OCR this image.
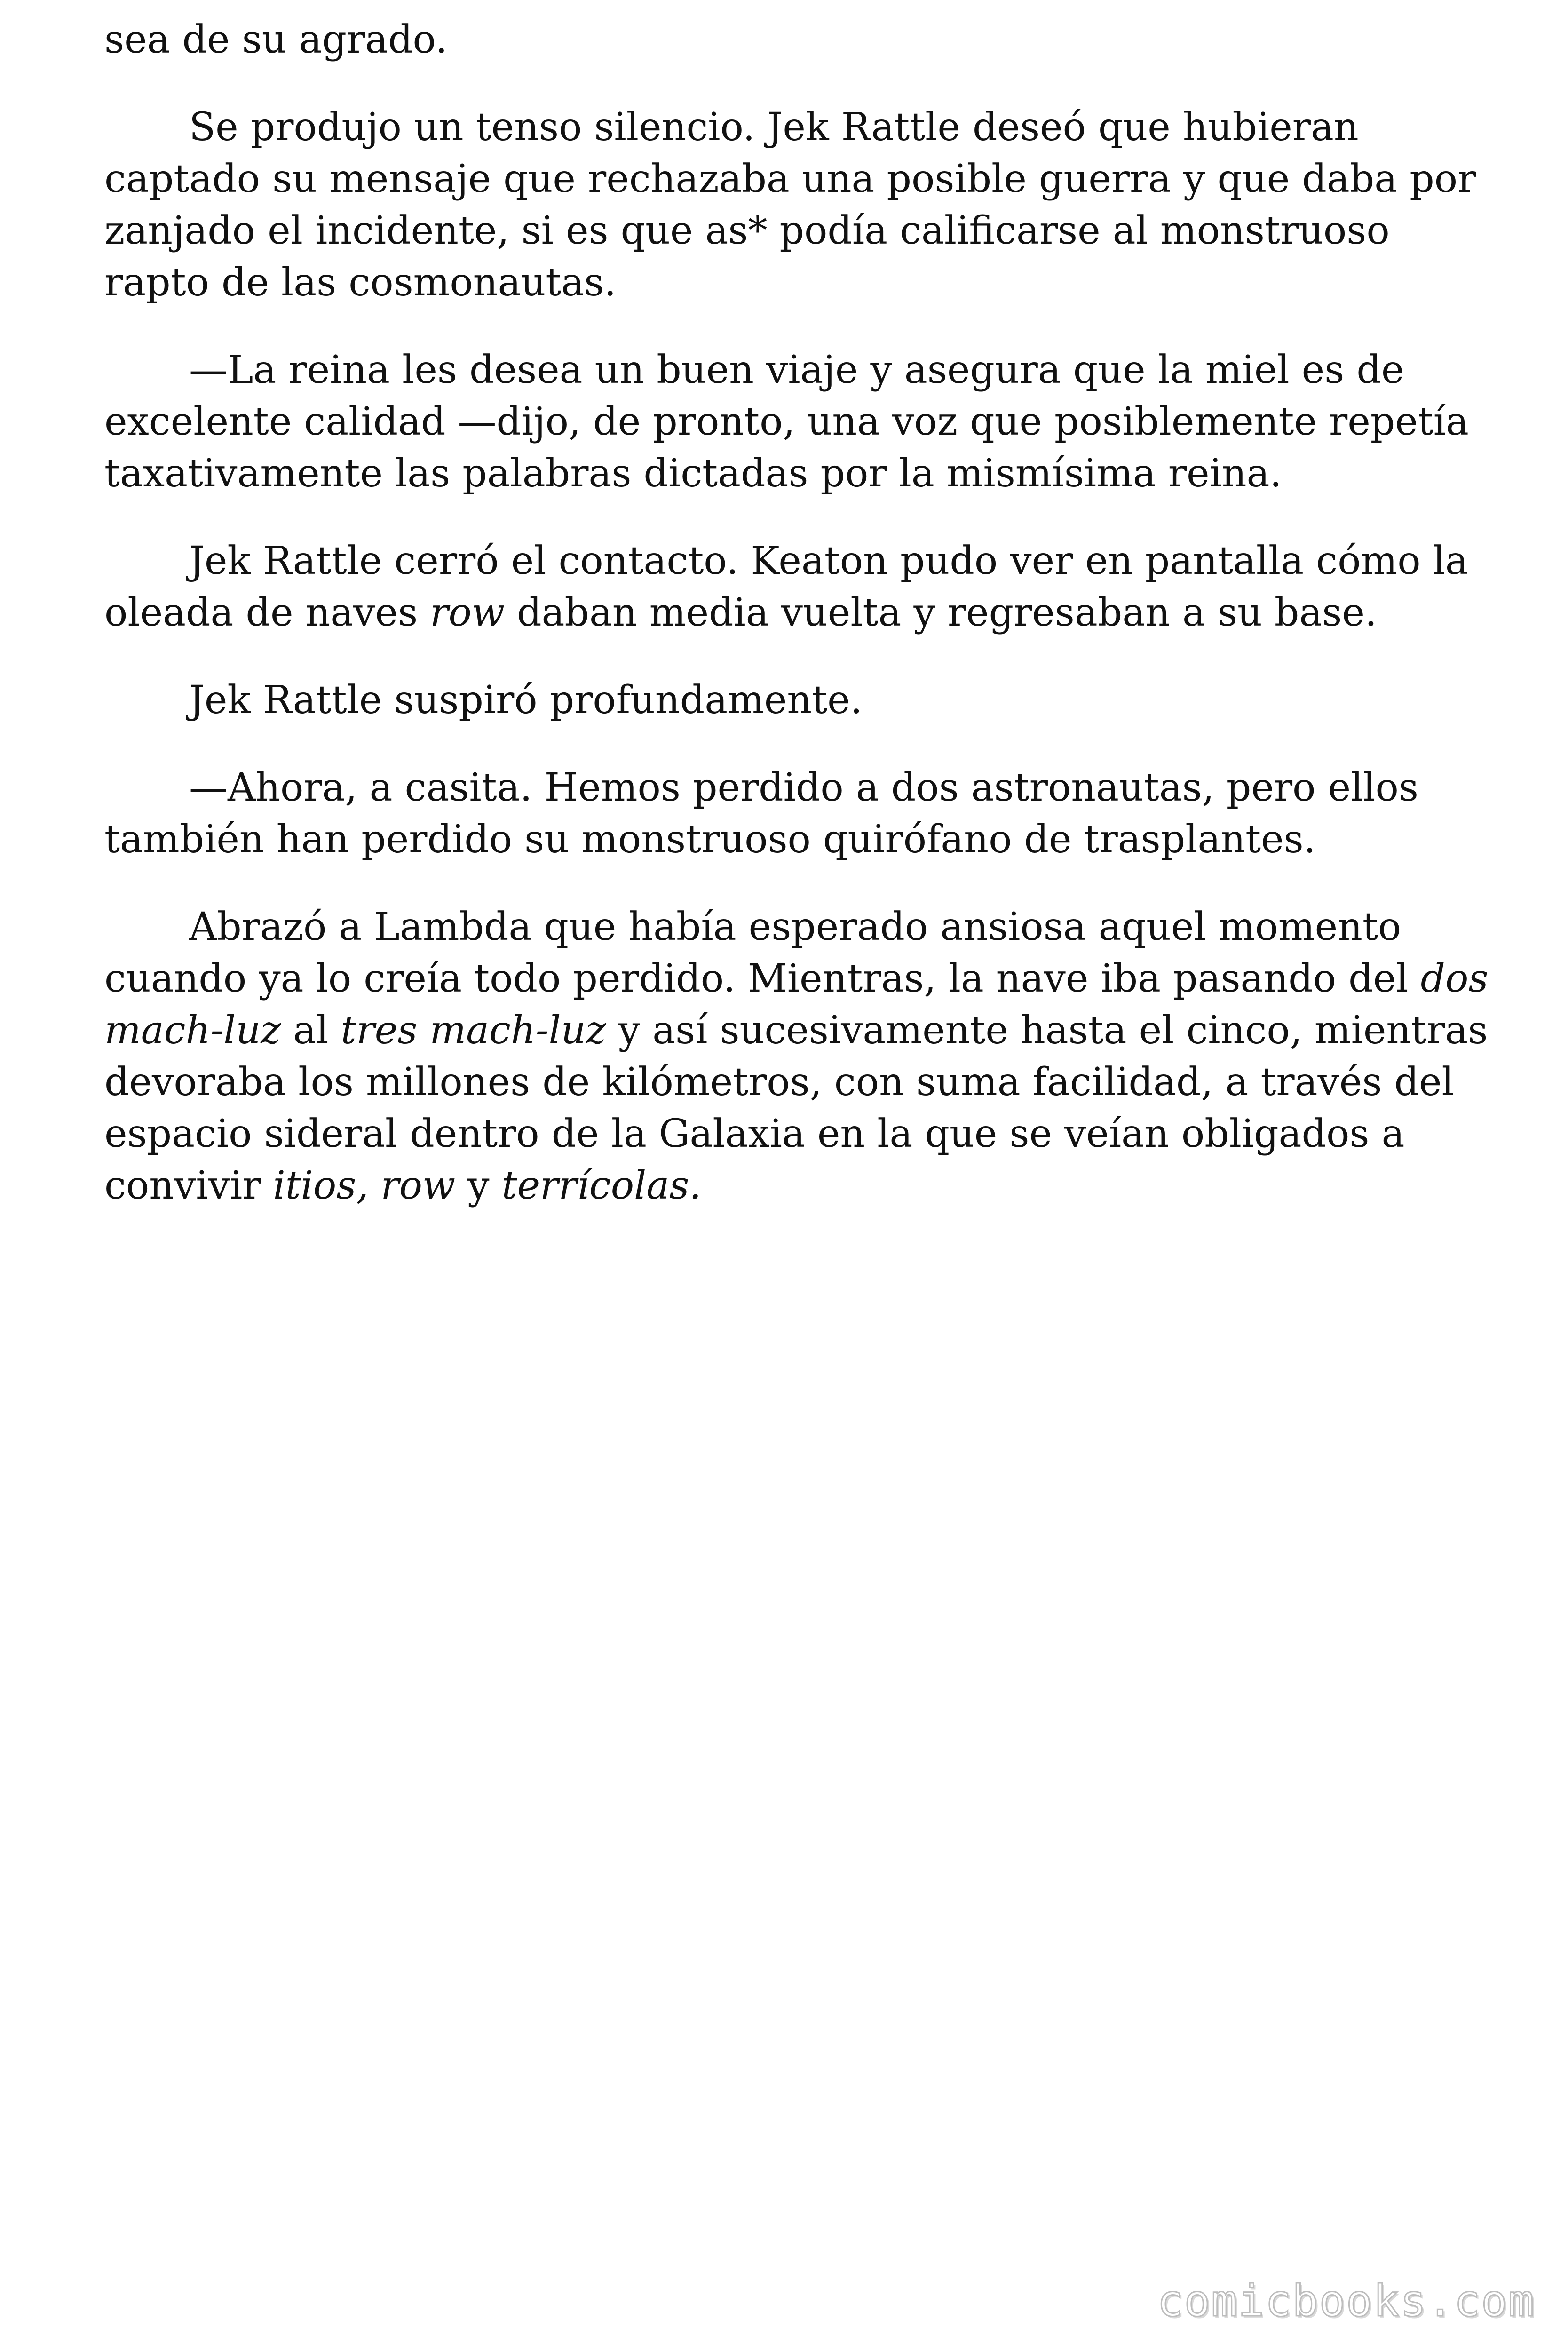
sea de su agrado.
Se produjo un tenso silencio. Jek Rattle deseó que hubieran
captado su mensaje que rechazaba una posible guerra y que daba por
zanjado el incidente, si es que as* podía calificarse al monstruoso
rapto de las cosmonautas.
—La reina les desea un buen viaje y asegura que la miel es de
excelente calidad —dijo, de pronto, una voz que posiblemente repetía
taxativamente las palabras dictadas por la mismísima reina.
Jek Rattle cerró el contacto. Keaton pudo ver en pantalla cómo la
oleada de naves row daban media vuelta y regresaban a su base.
Jek Rattle suspiró profundamente.
—Ahora, a casita. Hemos perdido a dos astronautas, pero ellos
también han perdido su monstruoso quirófano de trasplantes.
Abrazó a Lambda que había esperado ansiosa aquel momento
cuando ya lo creía todo perdido. Mientras, la nave iba pasando del dos
mach-luz al tres mach-luz y así sucesivamente hasta el cinco, mientras
devoraba los millones de kilómetros, con suma facilidad, a través del
espacio sideral dentro de la Galaxia en la que se veían obligados a
convivir itios, row y terrícolas.
comicbooks.com
